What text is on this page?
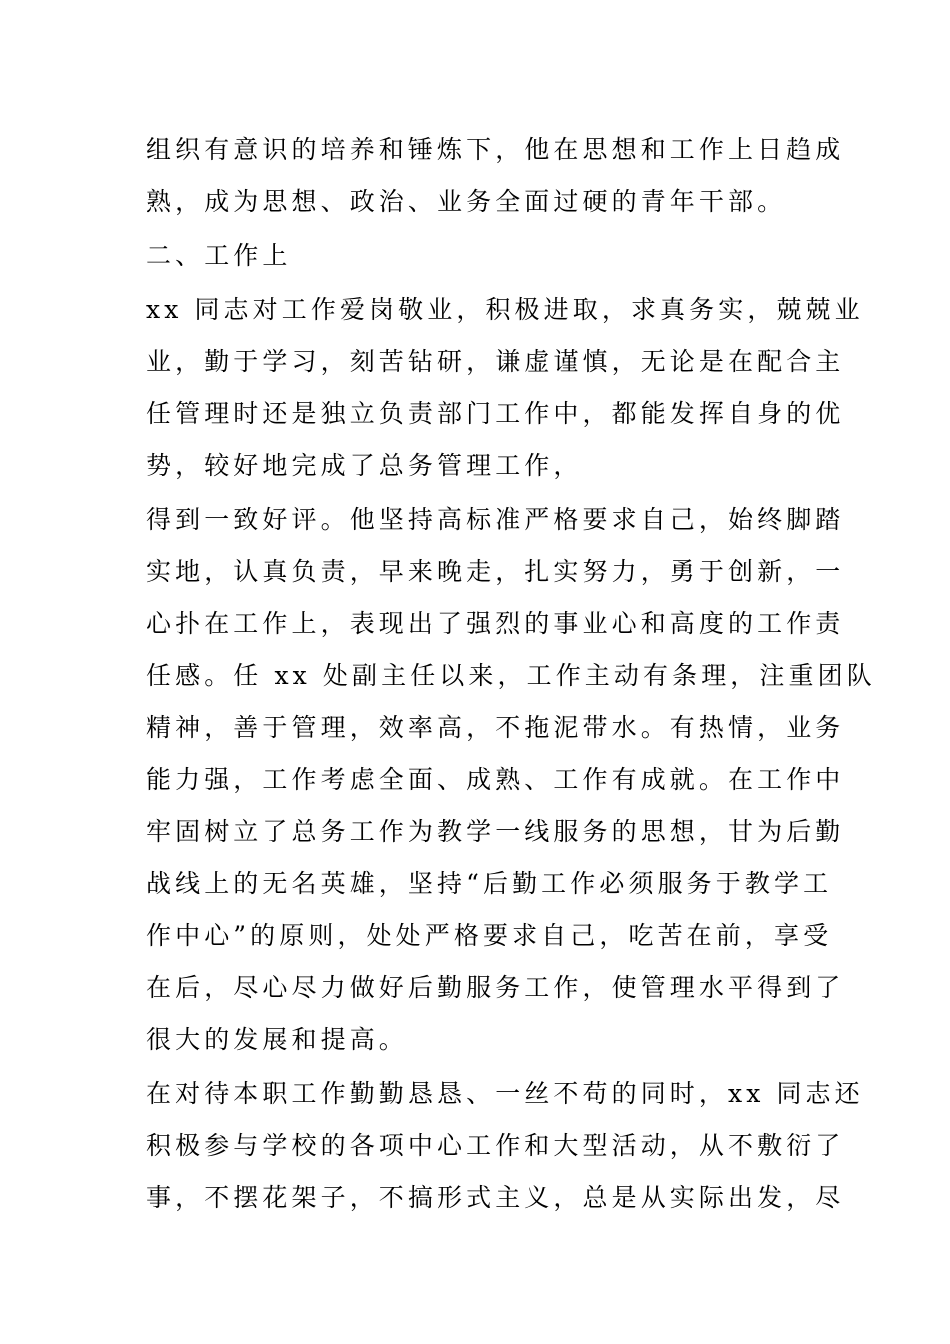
组织有意识的培养和锤炼下，他在思想和工作上日趋成
熟，成为思想、政治、业务全面过硬的青年干部。
二、工作上
xx 同志对工作爱岗敬业，积极进取，求真务实，兢兢业
业，勤于学习，刻苦钻研，谦虚谨慎，无论是在配合主
任管理时还是独立负责部门工作中，都能发挥自身的优
势，较好地完成了总务管理工作，
得到一致好评。他坚持高标准严格要求自己，始终脚踏
实地，认真负责，早来晚走，扎实努力，勇于创新，一
心扑在工作上，表现出了强烈的事业心和高度的工作责
任感。任 xx 处副主任以来，工作主动有条理，注重团队
精神，善于管理，效率高，不拖泥带水。有热情，业务
能力强，工作考虑全面、成熟、工作有成就。在工作中
牢固树立了总务工作为教学一线服务的思想，甘为后勤
战线上的无名英雄，坚持“后勤工作必须服务于教学工
作中心”的原则，处处严格要求自己，吃苦在前，享受
在后，尽心尽力做好后勤服务工作，使管理水平得到了
很大的发展和提高。
在对待本职工作勤勤恳恳、一丝不苟的同时，xx 同志还
积极参与学校的各项中心工作和大型活动，从不敷衍了
事，不摆花架子，不搞形式主义，总是从实际出发，尽
